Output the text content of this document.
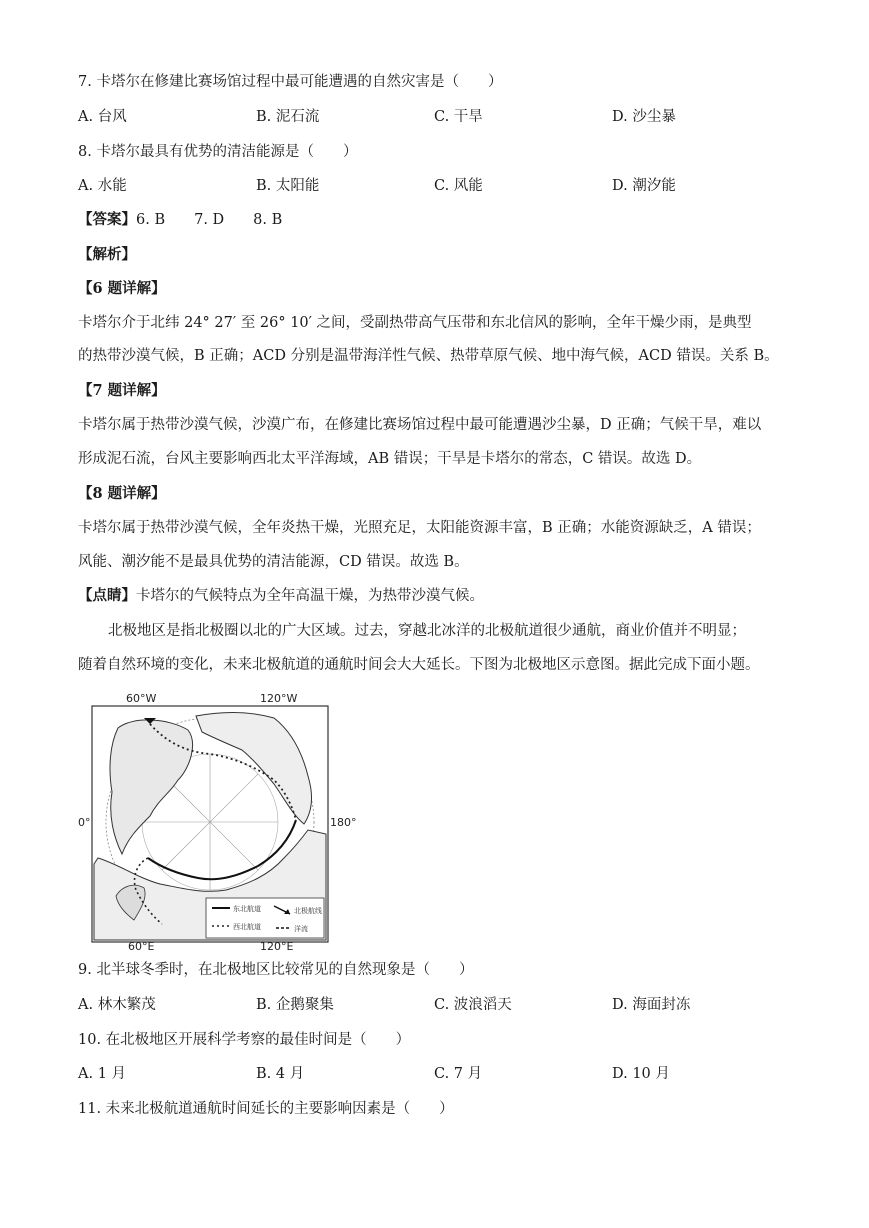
7. 卡塔尔在修建比赛场馆过程中最可能遭遇的自然灾害是（　　）
A. 台风	B. 泥石流	C. 干旱	D. 沙尘暴
8. 卡塔尔最具有优势的清洁能源是（　　）
A. 水能	B. 太阳能	C. 风能	D. 潮汐能
【答案】6. B　　7. D　　8. B
【解析】
【6 题详解】
卡塔尔介于北纬 24° 27′ 至 26° 10′ 之间，受副热带高气压带和东北信风的影响，全年干燥少雨，是典型
的热带沙漠气候，B 正确；ACD 分别是温带海洋性气候、热带草原气候、地中海气候，ACD 错误。关系 B。
【7 题详解】
卡塔尔属于热带沙漠气候，沙漠广布，在修建比赛场馆过程中最可能遭遇沙尘暴，D 正确；气候干旱，难以
形成泥石流，台风主要影响西北太平洋海域，AB 错误；干旱是卡塔尔的常态，C 错误。故选 D。
【8 题详解】
卡塔尔属于热带沙漠气候，全年炎热干燥，光照充足，太阳能资源丰富，B 正确；水能资源缺乏，A 错误；
风能、潮汐能不是最具优势的清洁能源，CD 错误。故选 B。
【点睛】卡塔尔的气候特点为全年高温干燥，为热带沙漠气候。
北极地区是指北极圈以北的广大区域。过去，穿越北冰洋的北极航道很少通航，商业价值并不明显；
随着自然环境的变化，未来北极航道的通航时间会大大延长。下图为北极地区示意图。据此完成下面小题。
东北航道
西北航道
北极航线
洋流
60°W	120°W
0°	180°
60°E	120°E
9. 北半球冬季时，在北极地区比较常见的自然现象是（　　）
A. 林木繁茂	B. 企鹅聚集	C. 波浪滔天	D. 海面封冻
10. 在北极地区开展科学考察的最佳时间是（　　）
A. 1 月	B. 4 月	C. 7 月	D. 10 月
11. 未来北极航道通航时间延长的主要影响因素是（　　）
